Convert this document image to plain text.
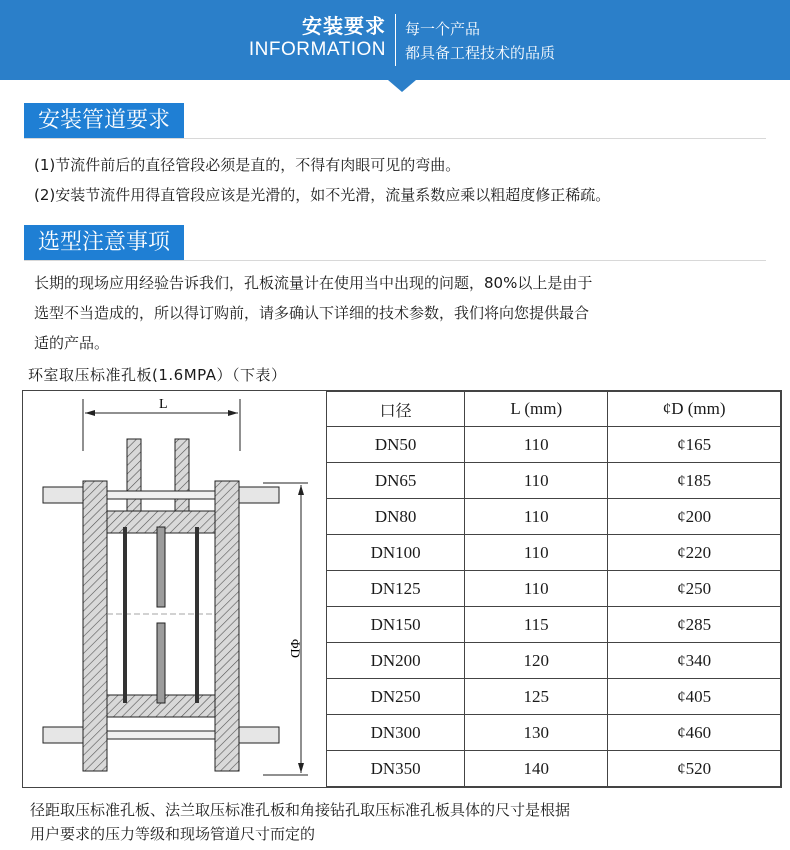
安装要求
INFORMATION
每一个产品
都具备工程技术的品质
安装管道要求
(1)节流件前后的直径管段必须是直的，不得有肉眼可见的弯曲。
(2)安装节流件用得直管段应该是光滑的，如不光滑，流量系数应乘以粗超度修正稀疏。
选型注意事项
长期的现场应用经验告诉我们，孔板流量计在使用当中出现的问题，80%以上是由于
选型不当造成的，所以得订购前，请多确认下详细的技术参数，我们将向您提供最合
适的产品。
环室取压标准孔板(1.6MPA）（下表）
L
ΦD
口径	L (mm)	¢D (mm)
DN50	110	¢165
DN65	110	¢185
DN80	110	¢200
DN100	110	¢220
DN125	110	¢250
DN150	115	¢285
DN200	120	¢340
DN250	125	¢405
DN300	130	¢460
DN350	140	¢520
径距取压标准孔板、法兰取压标准孔板和角接钻孔取压标准孔板具体的尺寸是根据
用户要求的压力等级和现场管道尺寸而定的
